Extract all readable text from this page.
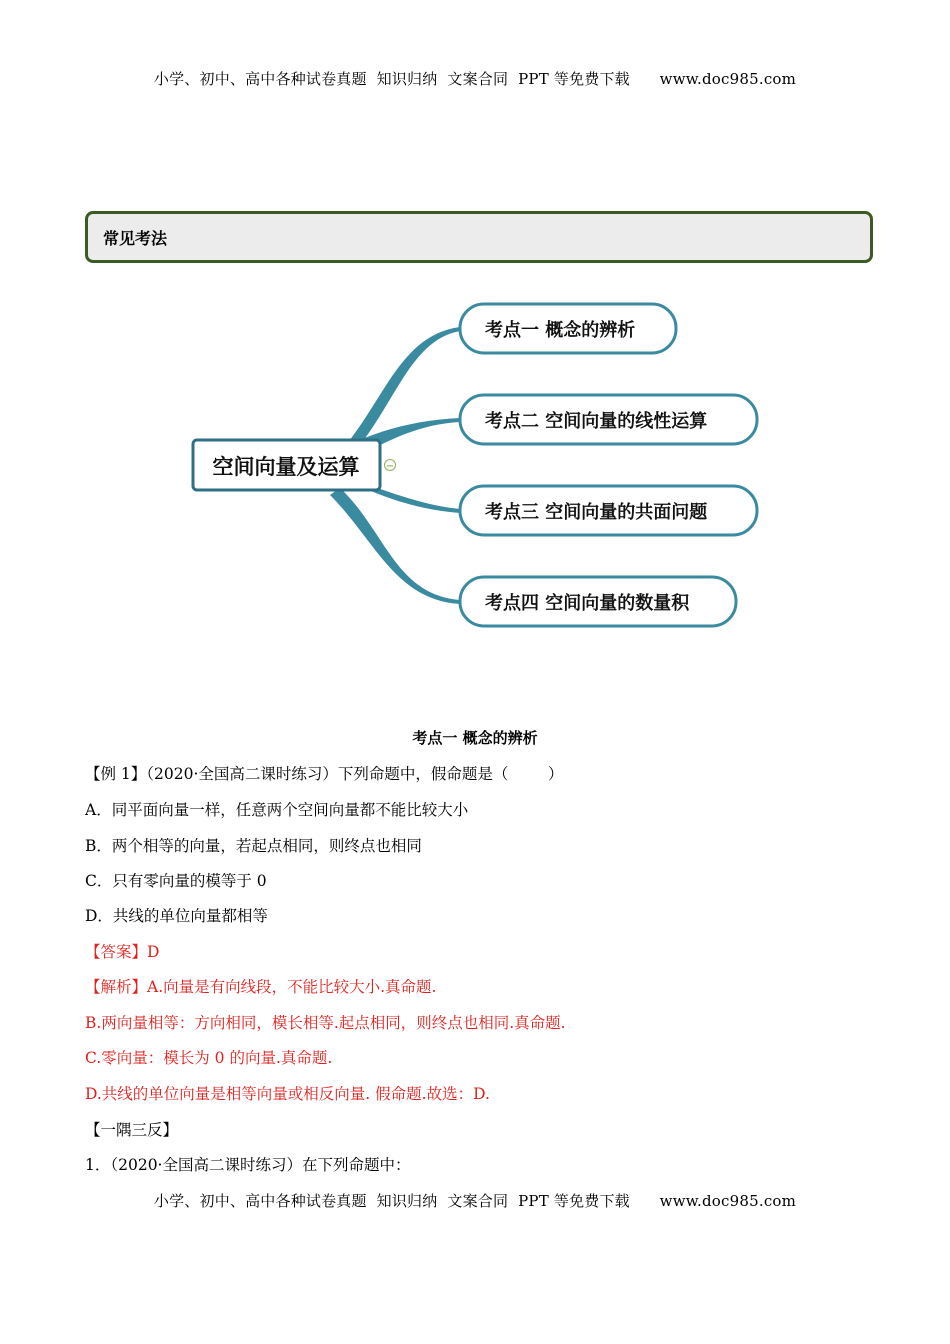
小学、初中、高中各种试卷真题  知识归纳  文案合同  PPT 等免费下载      www.doc985.com
常见考法
空间向量及运算	−
考点一 概念的辨析
考点二 空间向量的线性运算
考点三 空间向量的共面问题
考点四 空间向量的数量积
考点一 概念的辨析
【例 1】（2020·全国高二课时练习）下列命题中，假命题是（        ）
A．同平面向量一样，任意两个空间向量都不能比较大小
B．两个相等的向量，若起点相同，则终点也相同
C．只有零向量的模等于 0
D．共线的单位向量都相等
【答案】D
【解析】A.向量是有向线段，不能比较大小.真命题.
B.两向量相等：方向相同，模长相等.起点相同，则终点也相同.真命题.
C.零向量：模长为 0 的向量.真命题.
D.共线的单位向量是相等向量或相反向量. 假命题.故选：D.
【一隅三反】
1．（2020·全国高二课时练习）在下列命题中：
小学、初中、高中各种试卷真题  知识归纳  文案合同  PPT 等免费下载      www.doc985.com
